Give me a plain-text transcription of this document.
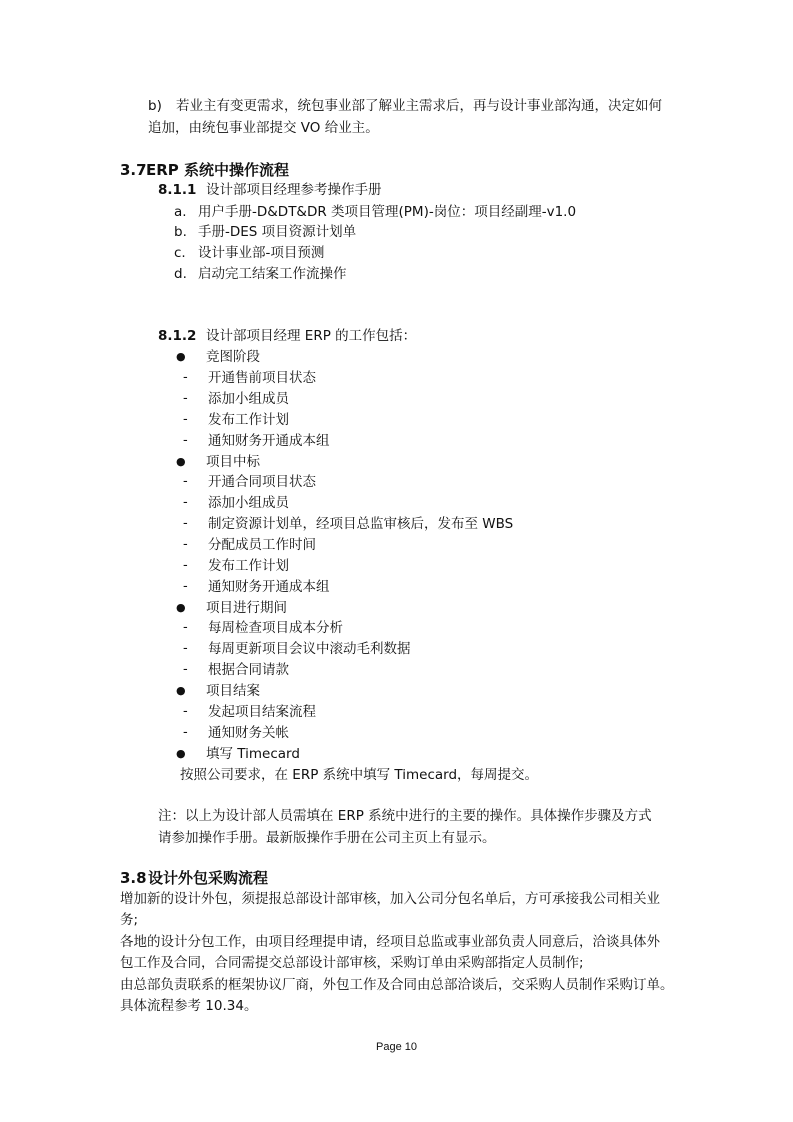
b) 若业主有变更需求，统包事业部了解业主需求后，再与设计事业部沟通，决定如何
追加，由统包事业部提交 VO 给业主。
3.7 ERP 系统中操作流程
8.1.1 设计部项目经理参考操作手册
a. 用户手册-D&DT&DR 类项目管理(PM)-岗位：项目经副理-v1.0
b. 手册-DES 项目资源计划单
c. 设计事业部-项目预测
d. 启动完工结案工作流操作
8.1.2 设计部项目经理 ERP 的工作包括：
● 竞图阶段
- 开通售前项目状态
- 添加小组成员
- 发布工作计划
- 通知财务开通成本组
● 项目中标
- 开通合同项目状态
- 添加小组成员
- 制定资源计划单，经项目总监审核后，发布至 WBS
- 分配成员工作时间
- 发布工作计划
- 通知财务开通成本组
● 项目进行期间
- 每周检查项目成本分析
- 每周更新项目会议中滚动毛利数据
- 根据合同请款
● 项目结案
- 发起项目结案流程
- 通知财务关帐
● 填写 Timecard
按照公司要求，在 ERP 系统中填写 Timecard，每周提交。
注：以上为设计部人员需填在 ERP 系统中进行的主要的操作。具体操作步骤及方式
请参加操作手册。最新版操作手册在公司主页上有显示。
3.8 设计外包采购流程
增加新的设计外包，须提报总部设计部审核，加入公司分包名单后，方可承接我公司相关业
务;
各地的设计分包工作，由项目经理提申请，经项目总监或事业部负责人同意后，洽谈具体外
包工作及合同，合同需提交总部设计部审核，采购订单由采购部指定人员制作;
由总部负责联系的框架协议厂商，外包工作及合同由总部洽谈后，交采购人员制作采购订单。
具体流程参考 10.34。
Page 10
